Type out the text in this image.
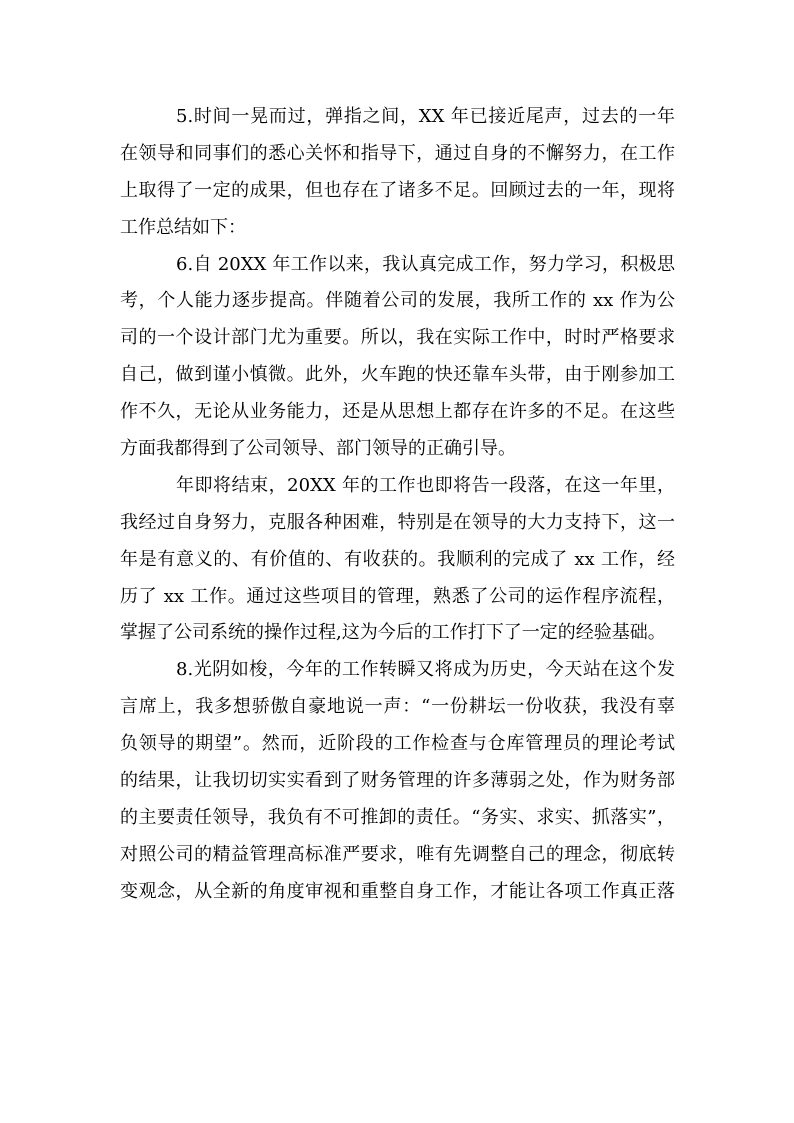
5.时间一晃而过，弹指之间，XX 年已接近尾声，过去的一年
在领导和同事们的悉心关怀和指导下，通过自身的不懈努力，在工作
上取得了一定的成果，但也存在了诸多不足。回顾过去的一年，现将
工作总结如下：
6.自 20XX 年工作以来，我认真完成工作，努力学习，积极思
考，个人能力逐步提高。伴随着公司的发展，我所工作的 xx 作为公
司的一个设计部门尤为重要。所以，我在实际工作中，时时严格要求
自己，做到谨小慎微。此外，火车跑的快还靠车头带，由于刚参加工
作不久，无论从业务能力，还是从思想上都存在许多的不足。在这些
方面我都得到了公司领导、部门领导的正确引导。
年即将结束，20XX 年的工作也即将告一段落，在这一年里，
我经过自身努力，克服各种困难，特别是在领导的大力支持下，这一
年是有意义的、有价值的、有收获的。我顺利的完成了 xx 工作，经
历了 xx 工作。通过这些项目的管理，熟悉了公司的运作程序流程，
掌握了公司系统的操作过程,这为今后的工作打下了一定的经验基础。
8.光阴如梭，今年的工作转瞬又将成为历史，今天站在这个发
言席上，我多想骄傲自豪地说一声：“一份耕坛一份收获，我没有辜
负领导的期望”。然而，近阶段的工作检查与仓库管理员的理论考试
的结果，让我切切实实看到了财务管理的许多薄弱之处，作为财务部
的主要责任领导，我负有不可推卸的责任。“务实、求实、抓落实”，
对照公司的精益管理高标准严要求，唯有先调整自己的理念，彻底转
变观念，从全新的角度审视和重整自身工作，才能让各项工作真正落
